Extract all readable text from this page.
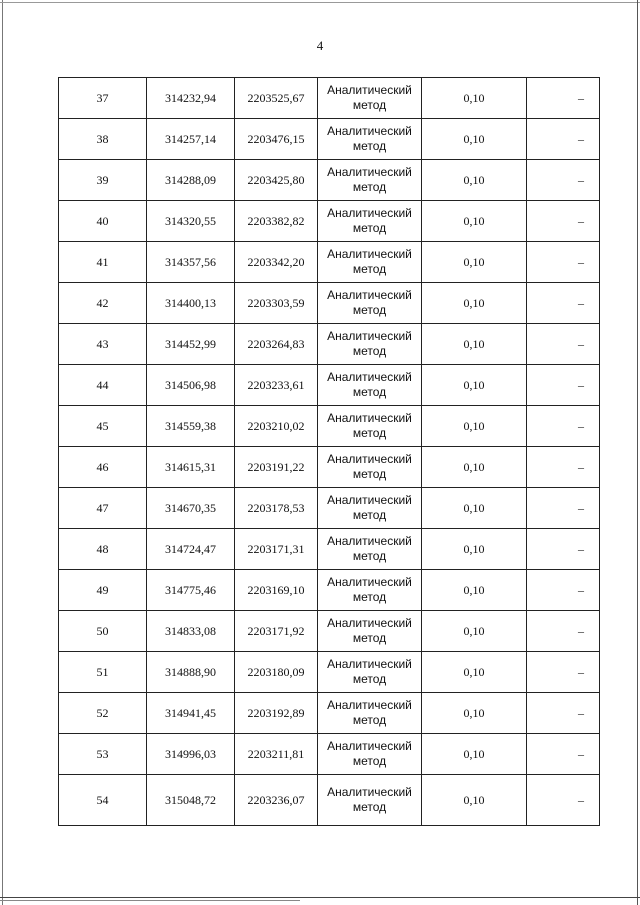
4
37	314232,94	2203525,67	Аналитический
метод	0,10	–
38	314257,14	2203476,15	Аналитический
метод	0,10	–
39	314288,09	2203425,80	Аналитический
метод	0,10	–
40	314320,55	2203382,82	Аналитический
метод	0,10	–
41	314357,56	2203342,20	Аналитический
метод	0,10	–
42	314400,13	2203303,59	Аналитический
метод	0,10	–
43	314452,99	2203264,83	Аналитический
метод	0,10	–
44	314506,98	2203233,61	Аналитический
метод	0,10	–
45	314559,38	2203210,02	Аналитический
метод	0,10	–
46	314615,31	2203191,22	Аналитический
метод	0,10	–
47	314670,35	2203178,53	Аналитический
метод	0,10	–
48	314724,47	2203171,31	Аналитический
метод	0,10	–
49	314775,46	2203169,10	Аналитический
метод	0,10	–
50	314833,08	2203171,92	Аналитический
метод	0,10	–
51	314888,90	2203180,09	Аналитический
метод	0,10	–
52	314941,45	2203192,89	Аналитический
метод	0,10	–
53	314996,03	2203211,81	Аналитический
метод	0,10	–
54	315048,72	2203236,07	Аналитический
метод	0,10	–
